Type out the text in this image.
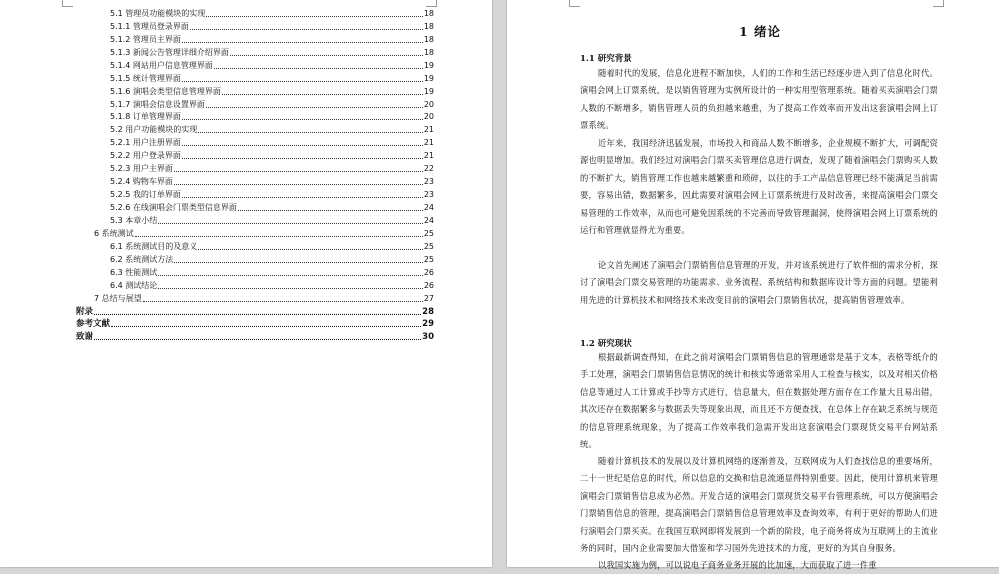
5.1 管理员功能模块的实现	18
5.1.1 管理员登录界面	18
5.1.2 管理员主界面	18
5.1.3 新闻公告管理详细介绍界面	18
5.1.4 网站用户信息管理界面	19
5.1.5 统计管理界面	19
5.1.6 演唱会类型信息管理界面	19
5.1.7 演唱会信息设置界面	20
5.1.8 订单管理界面	20
5.2 用户功能模块的实现	21
5.2.1 用户注册界面	21
5.2.2 用户登录界面	21
5.2.3 用户主界面	22
5.2.4 购物车界面	23
5.2.5 我的订单界面	23
5.2.6 在线演唱会门票类型信息界面	24
5.3 本章小结	24
6 系统测试	25
6.1 系统测试目的及意义	25
6.2 系统测试方法	25
6.3 性能测试	26
6.4 测试结论	26
7 总结与展望	27
附录	28
参考文献	29
致谢	30
1 绪论
1.1 研究背景

随着时代的发展，信息化进程不断加快，人们的工作和生活已经逐步进入到了信息化时代。演唱会网上订票系统，是以销售管理为实例所设计的一种实用型管理系统。随着买卖演唱会门票人数的不断增多，销售管理人员的负担越来越重，为了提高工作效率而开发出这套演唱会网上订票系统。

近年来，我国经济迅猛发展，市场投入和商品人数不断增多，企业规模不断扩大，可调配资源也明显增加。我们经过对演唱会门票买卖管理信息进行调查，发现了随着演唱会门票购买人数的不断扩大，销售管理工作也越来越繁重和琐碎，以往的手工产品信息管理已经不能满足当前需要，容易出错，数据繁多，因此需要对演唱会网上订票系统进行及时改善，来提高演唱会门票交易管理的工作效率，从而也可避免因系统的不完善而导致管理漏洞，使得演唱会网上订票系统的运行和管理就显得尤为重要。

论文首先阐述了演唱会门票销售信息管理的开发，并对该系统进行了软件细的需求分析，探讨了演唱会门票交易管理的功能需求、业务流程、系统结构和数据库设计等方面的问题。望能利用先进的计算机技术和网络技术来改变目前的演唱会门票销售状况，提高销售管理效率。

1.2 研究现状

根据最新调查得知，在此之前对演唱会门票销售信息的管理通常是基于文本，表格等纸介的手工处理，演唱会门票销售信息情况的统计和核实等通常采用人工检查与核实，以及对相关价格信息等通过人工计算或手抄等方式进行，信息量大，但在数据处理方面存在工作量大且易出错，其次还存在数据繁多与数据丢失等现象出现，而且还不方便查找，在总体上存在缺乏系统与规范的信息管理系统现象，为了提高工作效率我们急需开发出这套演唱会门票现货交易平台网站系统。

随着计算机技术的发展以及计算机网络的逐渐普及，互联网成为人们查找信息的重要场所，二十一世纪是信息的时代，所以信息的交换和信息流通显得特别重要。因此，使用计算机来管理演唱会门票销售信息成为必然。开发合适的演唱会门票现货交易平台管理系统，可以方便演唱会门票销售信息的管理，提高演唱会门票销售信息管理效率及查询效率，有利于更好的帮助人们进行演唱会门票买卖。在我国互联网即将发展到一个新的阶段，电子商务将成为互联网上的主流业务的同时，国内企业需要加大借鉴和学习国外先进技术的力度，更好的为其自身服务。

以我国实施为例，可以说电子商务业务开展的比加速，大而获取了进一件重
